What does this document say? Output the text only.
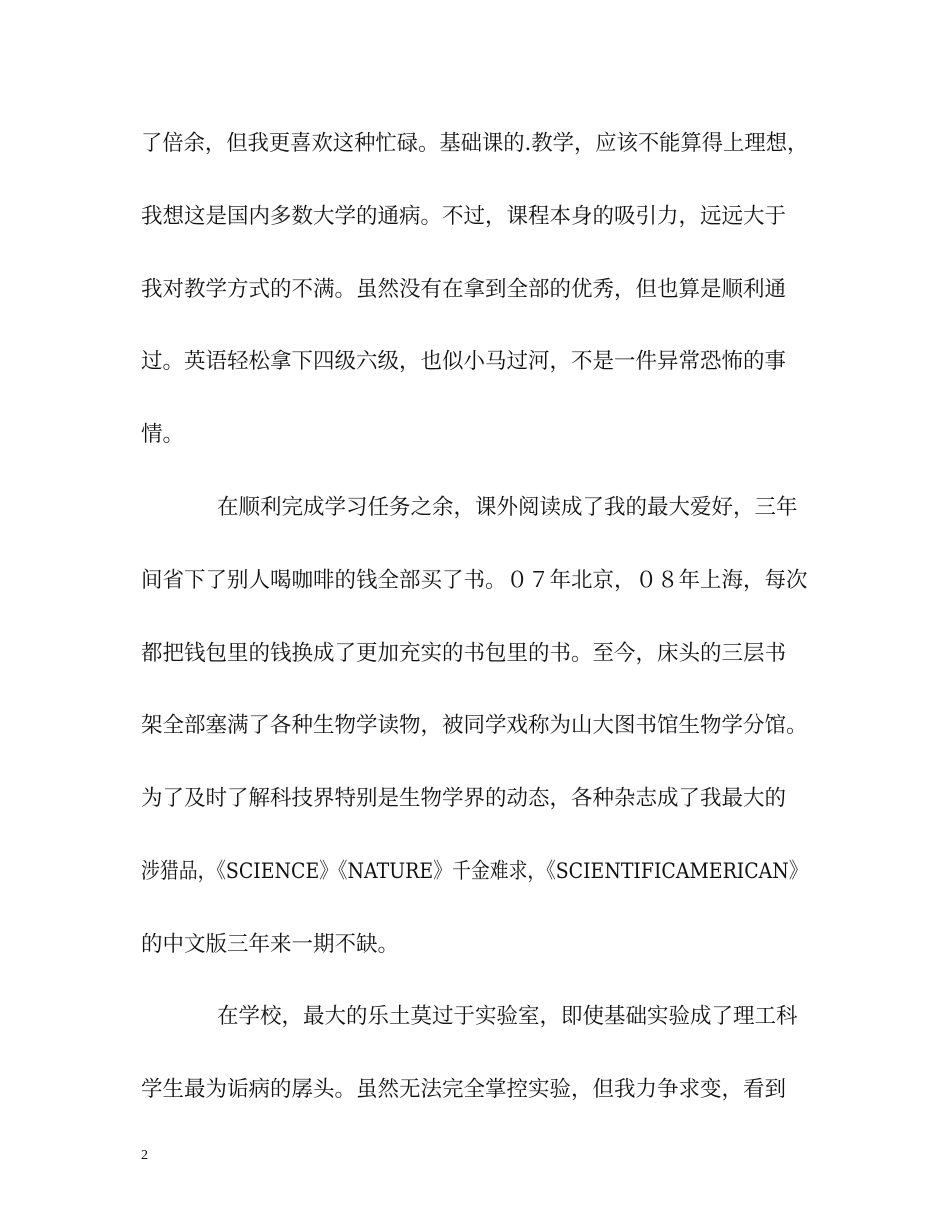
了倍余，但我更喜欢这种忙碌。基础课的.教学，应该不能算得上理想，
我想这是国内多数大学的通病。不过，课程本身的吸引力，远远大于
我对教学方式的不满。虽然没有在拿到全部的优秀，但也算是顺利通
过。英语轻松拿下四级六级，也似小马过河，不是一件异常恐怖的事
情。
在顺利完成学习任务之余，课外阅读成了我的最大爱好，三年
间省下了别人喝咖啡的钱全部买了书。０７年北京，０８年上海，每次
都把钱包里的钱换成了更加充实的书包里的书。至今，床头的三层书
架全部塞满了各种生物学读物，被同学戏称为山大图书馆生物学分馆。
为了及时了解科技界特别是生物学界的动态，各种杂志成了我最大的
涉猎品，《SCIENCE》《NATURE》千金难求，《SCIENTIFICAMERICAN》
的中文版三年来一期不缺。
在学校，最大的乐土莫过于实验室，即使基础实验成了理工科
学生最为诟病的孱头。虽然无法完全掌控实验，但我力争求变，看到
2
